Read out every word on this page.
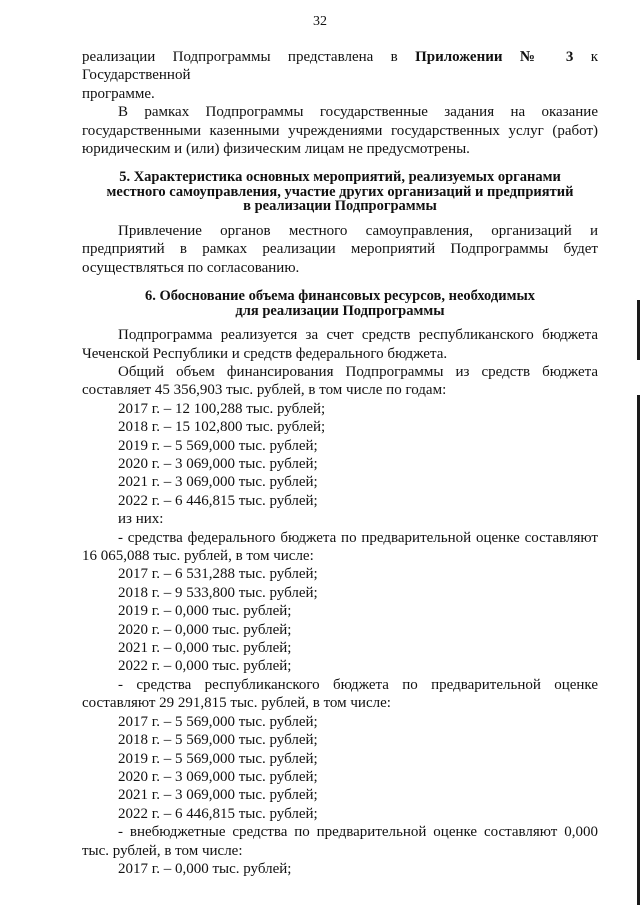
32

реализации Подпрограммы представлена в Приложении № 3 к Государственной

программе.

В рамках Подпрограммы государственные задания на оказание

государственными казенными учреждениями государственных услуг (работ)

юридическим и (или) физическим лицам не предусмотрены.

5. Характеристика основных мероприятий, реализуемых органами

местного самоуправления, участие других организаций и предприятий

в реализации Подпрограммы

Привлечение органов местного самоуправления, организаций и

предприятий в рамках реализации мероприятий Подпрограммы будет

осуществляться по согласованию.

6. Обоснование объема финансовых ресурсов, необходимых

для реализации Подпрограммы

Подпрограмма реализуется за счет средств республиканского бюджета

Чеченской Республики и средств федерального бюджета.

Общий объем финансирования Подпрограммы из средств бюджета

составляет 45 356,903 тыс. рублей, в том числе по годам:

2017 г. – 12 100,288 тыс. рублей;

2018 г. – 15 102,800 тыс. рублей;

2019 г. – 5 569,000 тыс. рублей;

2020 г. – 3 069,000 тыс. рублей;

2021 г. – 3 069,000 тыс. рублей;

2022 г. – 6 446,815 тыс. рублей;

из них:

- средства федерального бюджета по предварительной оценке составляют

16 065,088 тыс. рублей, в том числе:

2017 г. – 6 531,288 тыс. рублей;

2018 г. – 9 533,800 тыс. рублей;

2019 г. – 0,000 тыс. рублей;

2020 г. – 0,000 тыс. рублей;

2021 г. – 0,000 тыс. рублей;

2022 г. – 0,000 тыс. рублей;

- средства республиканского бюджета по предварительной оценке

составляют 29 291,815 тыс. рублей, в том числе:

2017 г. – 5 569,000 тыс. рублей;

2018 г. – 5 569,000 тыс. рублей;

2019 г. – 5 569,000 тыс. рублей;

2020 г. – 3 069,000 тыс. рублей;

2021 г. – 3 069,000 тыс. рублей;

2022 г. – 6 446,815 тыс. рублей;

- внебюджетные средства по предварительной оценке составляют 0,000

тыс. рублей, в том числе:

2017 г. – 0,000 тыс. рублей;
